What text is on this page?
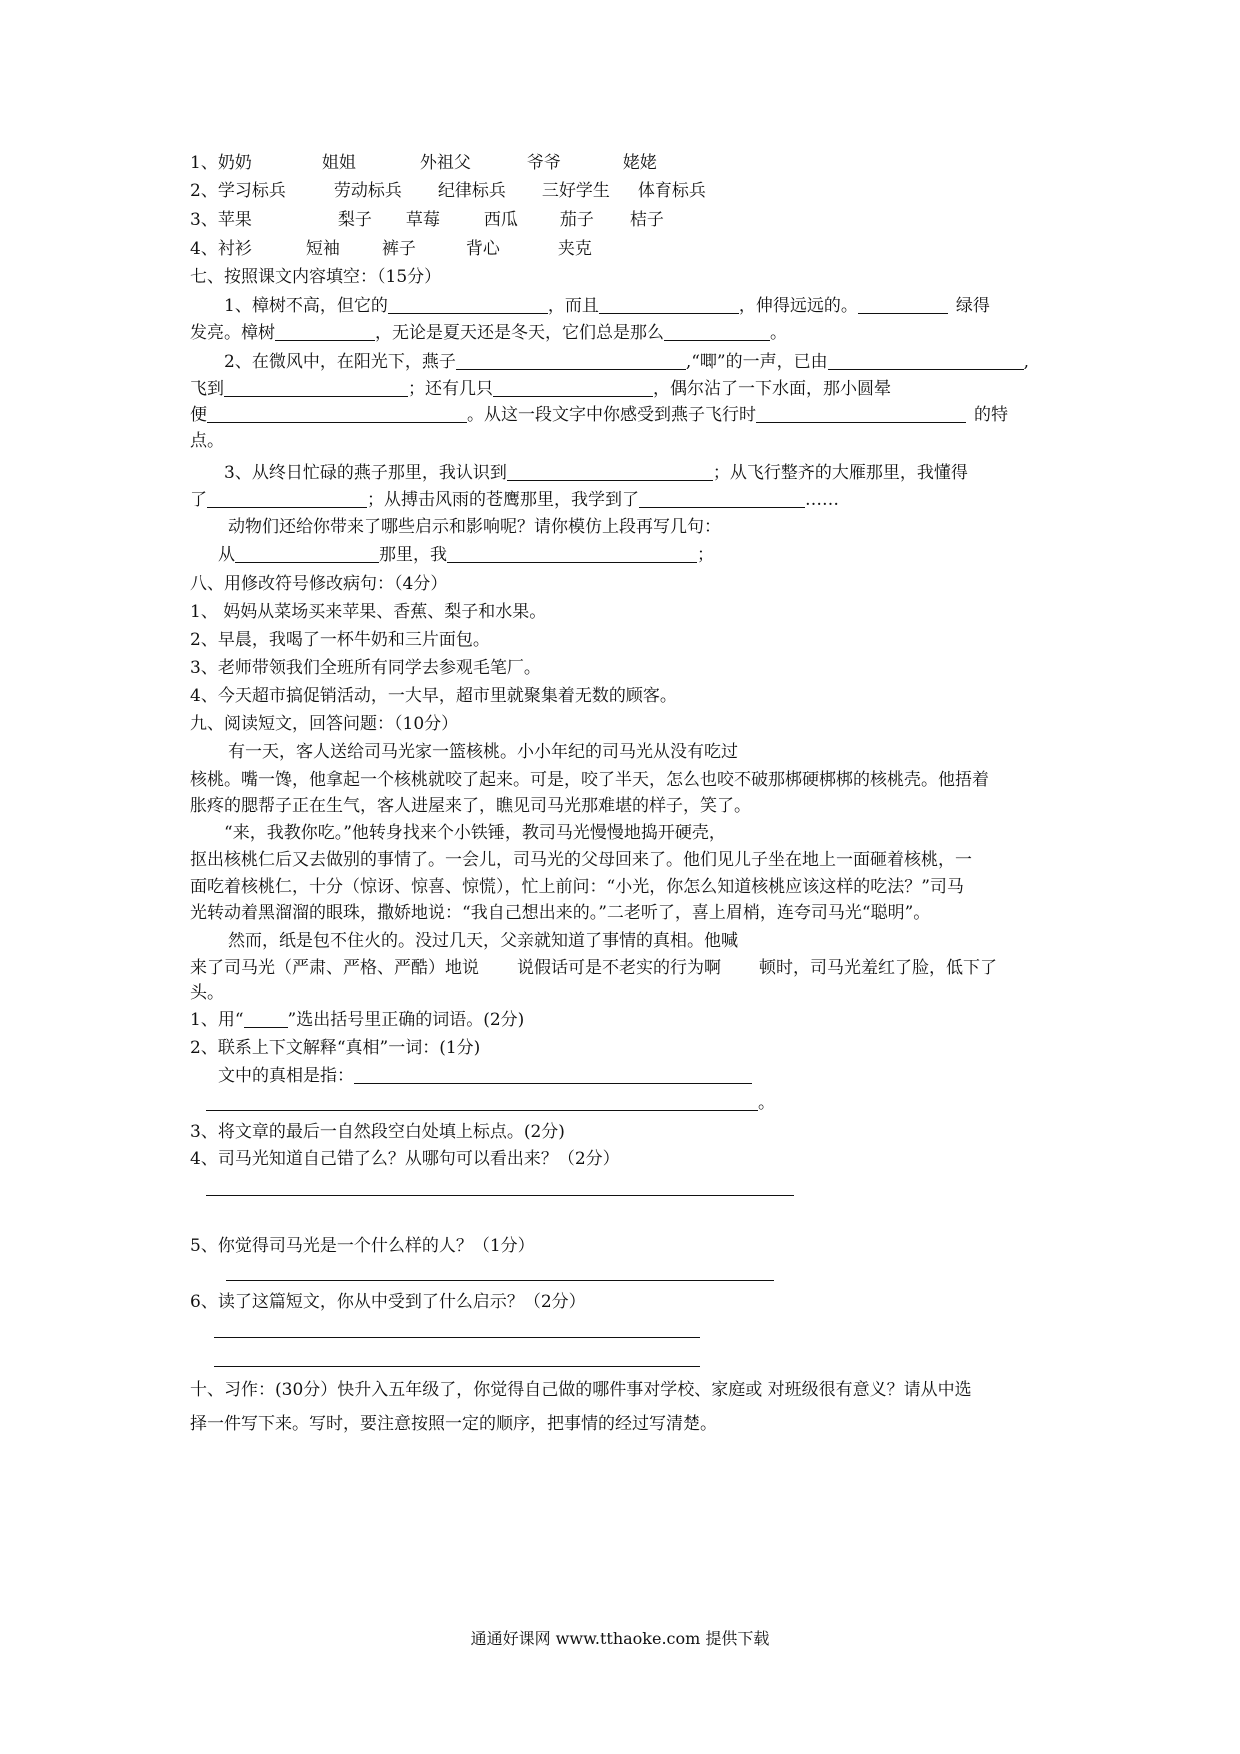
1、奶奶	姐姐	外祖父	爷爷	姥姥
2、学习标兵	劳动标兵 纪律标兵 三好学生 体育标兵
3、苹果	梨子 草莓	西瓜 茄子 桔子
4、衬衫	短袖 裤子	背心	夹克
七、按照课文内容填空：（15分）
1、樟树不高，但它的	，而且	，伸得远远的。	绿得
发亮。樟树	，无论是夏天还是冬天，它们总是那么	。
2、在微风中，在阳光下，燕子	,“唧”的一声，已由	,
飞到	；还有几只	，偶尔沾了一下水面，那小圆晕
便	。从这一段文字中你感受到燕子飞行时	的特
点。
3、从终日忙碌的燕子那里，我认识到	；从飞行整齐的大雁那里，我懂得
了	；从搏击风雨的苍鹰那里，我学到了	……
动物们还给你带来了哪些启示和影响呢？请你模仿上段再写几句：
从	那里，我	；
八、用修改符号修改病句：（4分）
1、 妈妈从菜场买来苹果、香蕉、梨子和水果。
2、早晨，我喝了一杯牛奶和三片面包。
3、老师带领我们全班所有同学去参观毛笔厂。
4、今天超市搞促销活动，一大早，超市里就聚集着无数的顾客。
九、阅读短文，回答问题：（10分）
有一天，客人送给司马光家一篮核桃。小小年纪的司马光从没有吃过
核桃。嘴一馋，他拿起一个核桃就咬了起来。可是，咬了半天，怎么也咬不破那梆硬梆梆的核桃壳。他捂着
胀疼的腮帮子正在生气，客人进屋来了，瞧见司马光那难堪的样子，笑了。
“来，我教你吃。”他转身找来个小铁锤，教司马光慢慢地捣开硬壳，
抠出核桃仁后又去做别的事情了。一会儿，司马光的父母回来了。他们见儿子坐在地上一面砸着核桃，一
面吃着核桃仁，十分（惊讶、惊喜、惊慌），忙上前问：“小光，你怎么知道核桃应该这样的吃法？”司马
光转动着黑溜溜的眼珠，撒娇地说：“我自己想出来的。”二老听了，喜上眉梢，连夸司马光“聪明”。
然而，纸是包不住火的。没过几天，父亲就知道了事情的真相。他喊
来了司马光（严肃、严格、严酷）地说 说假话可是不老实的行为啊 顿时，司马光羞红了脸，低下了
头。
1、用“	”选出括号里正确的词语。(2分)
2、联系上下文解释“真相”一词：(1分)
文中的真相是指：
。
3、将文章的最后一自然段空白处填上标点。(2分)
4、司马光知道自己错了么？从哪句可以看出来？（2分）
5、你觉得司马光是一个什么样的人？（1分）
6、读了这篇短文，你从中受到了什么启示？（2分）
十、习作：(30分）快升入五年级了，你觉得自己做的哪件事对学校、家庭或 对班级很有意义？请从中选
择一件写下来。写时，要注意按照一定的顺序，把事情的经过写清楚。
通通好课网 www.tthaoke.com 提供下载
